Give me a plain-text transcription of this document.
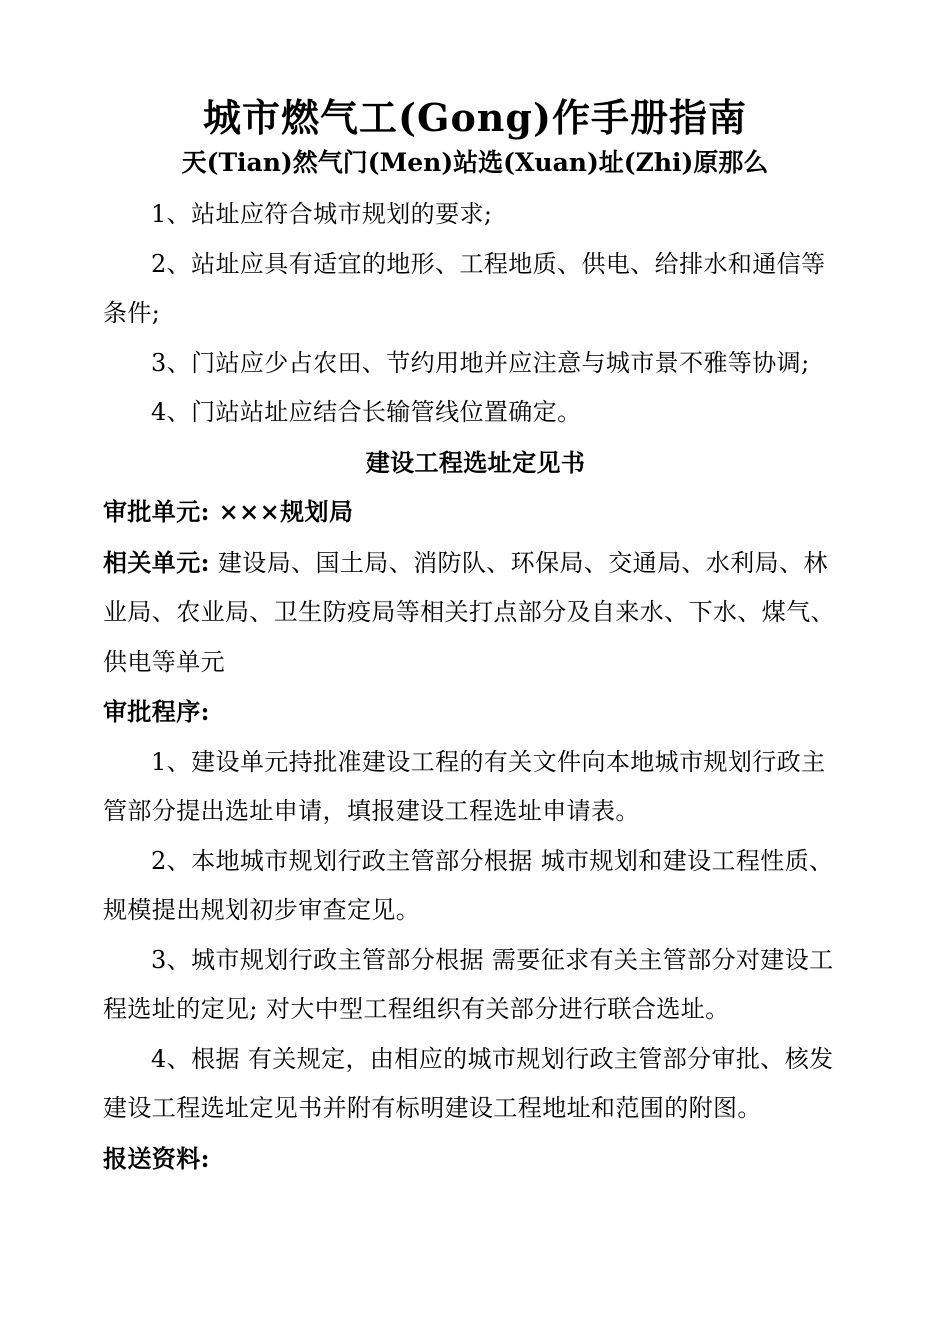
城市燃气工(Gong)作手册指南
天(Tian)然气门(Men)站选(Xuan)址(Zhi)原那么

1、站址应符合城市规划的要求;

2、站址应具有适宜的地形、工程地质、供电、给排水和通信等条件;

3、门站应少占农田、节约用地并应注意与城市景不雅等协调;

4、门站站址应结合长输管线位置确定。

建设工程选址定见书

审批单元: ×××规划局

相关单元: 建设局、国土局、消防队、环保局、交通局、水利局、林业局、农业局、卫生防疫局等相关打点部分及自来水、下水、煤气、供电等单元

审批程序:

1、建设单元持批准建设工程的有关文件向本地城市规划行政主管部分提出选址申请，填报建设工程选址申请表。

2、本地城市规划行政主管部分根据 城市规划和建设工程性质、规模提出规划初步审查定见。

3、城市规划行政主管部分根据 需要征求有关主管部分对建设工程选址的定见; 对大中型工程组织有关部分进行联合选址。

4、根据 有关规定，由相应的城市规划行政主管部分审批、核发建设工程选址定见书并附有标明建设工程地址和范围的附图。

报送资料:
